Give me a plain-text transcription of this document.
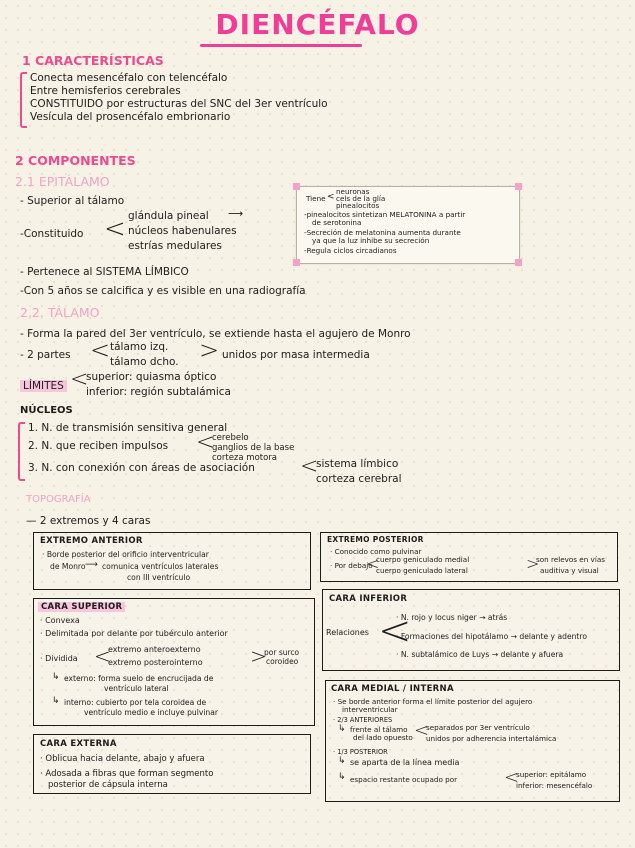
DIENCÉFALO
1 CARACTERÍSTICAS
Conecta mesencéfalo con telencéfalo
Entre hemisferios cerebrales
CONSTITUIDO por estructuras del SNC del 3er ventrículo
Vesícula del prosencéfalo embrionario
2 COMPONENTES
2.1 EPITÁLAMO
- Superior al tálamo
-Constituido < glándula pineal ⟶
núcleos habenulares
estrías medulares
- Pertenece al SISTEMA LÍMBICO
-Con 5 años se calcifica y es visible en una radiografía
Tiene <
neuronas
cels de la glía
pinealocitos
-pinealocitos sintetizan MELATONINA a partir
de serotonina
-Secreción de melatonina aumenta durante
ya que la luz inhibe su secreción
-Regula ciclos circadianos
2.2. TÁLAMO
- Forma la pared del 3er ventrículo, se extiende hasta el agujero de Monro
- 2 partes < tálamo izq.
tálamo dcho. > unidos por masa intermedia
LÍMITES <
superior: quiasma óptico
inferior: región subtalámica
NÚCLEOS
1. N. de transmisión sensitiva general
2. N. que reciben impulsos <
cerebelo
ganglios de la base
corteza motora
3. N. con conexión con áreas de asociación <
sistema límbico
corteza cerebral
TOPOGRAFÍA
— 2 extremos y 4 caras
EXTREMO ANTERIOR
· Borde posterior del orificio interventricular
de Monro ⟶ comunica ventrículos laterales
con III ventrículo
EXTREMO POSTERIOR
· Conocido como pulvinar
· Por debajo
<
cuerpo geniculado medial
cuerpo geniculado lateral	>
son relevos en vías
auditiva y visual
CARA SUPERIOR
· Convexa
· Delimitada por delante por tubérculo anterior
· Dividida <
extremo anteroexterno
extremo posterointerno >
por surco
coroideo
↳ externo: forma suelo de encrucijada de
ventrículo lateral
↳ interno: cubierto por tela coroidea de
ventrículo medio e incluye pulvinar
CARA INFERIOR
Relaciones <
· N. rojo y locus niger → atrás
· Formaciones del hipotálamo → delante y adentro
· N. subtalámico de Luys → delante y afuera
CARA EXTERNA
· Oblicua hacia delante, abajo y afuera
· Adosada a fibras que forman segmento
posterior de cápsula interna
CARA MEDIAL / INTERNA
· Se borde anterior forma el límite posterior del agujero
interventricular
· 2/3 ANTERIORES
↳ frente al tálamo
del lado opuesto <
separados por 3er ventrículo
unidos por adherencia intertalámica
· 1/3 POSTERIOR
↳ se aparta de la línea media
↳ espacio restante ocupado por	<
superior: epitálamo
inferior: mesencéfalo
